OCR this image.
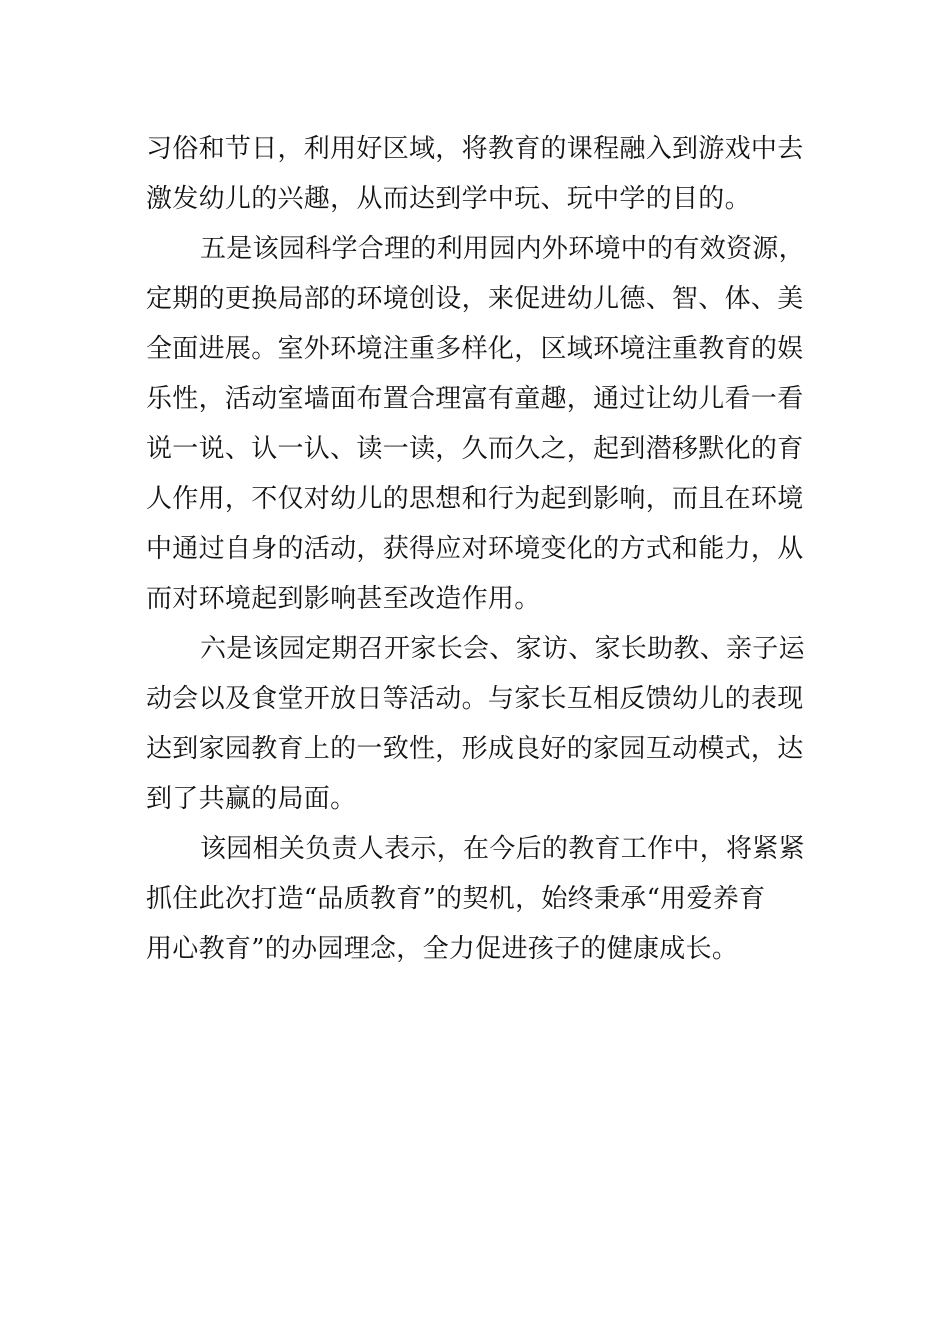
习俗和节日，利用好区域，将教育的课程融入到游戏中去
激发幼儿的兴趣，从而达到学中玩、玩中学的目的。
五是该园科学合理的利用园内外环境中的有效资源，
定期的更换局部的环境创设，来促进幼儿德、智、体、美
全面进展。室外环境注重多样化，区域环境注重教育的娱
乐性，活动室墙面布置合理富有童趣，通过让幼儿看一看
说一说、认一认、读一读，久而久之，起到潜移默化的育
人作用，不仅对幼儿的思想和行为起到影响，而且在环境
中通过自身的活动，获得应对环境变化的方式和能力，从
而对环境起到影响甚至改造作用。
六是该园定期召开家长会、家访、家长助教、亲子运
动会以及食堂开放日等活动。与家长互相反馈幼儿的表现
达到家园教育上的一致性，形成良好的家园互动模式，达
到了共赢的局面。
该园相关负责人表示，在今后的教育工作中，将紧紧
抓住此次打造“品质教育”的契机，始终秉承“用爱养育
用心教育”的办园理念，全力促进孩子的健康成长。
